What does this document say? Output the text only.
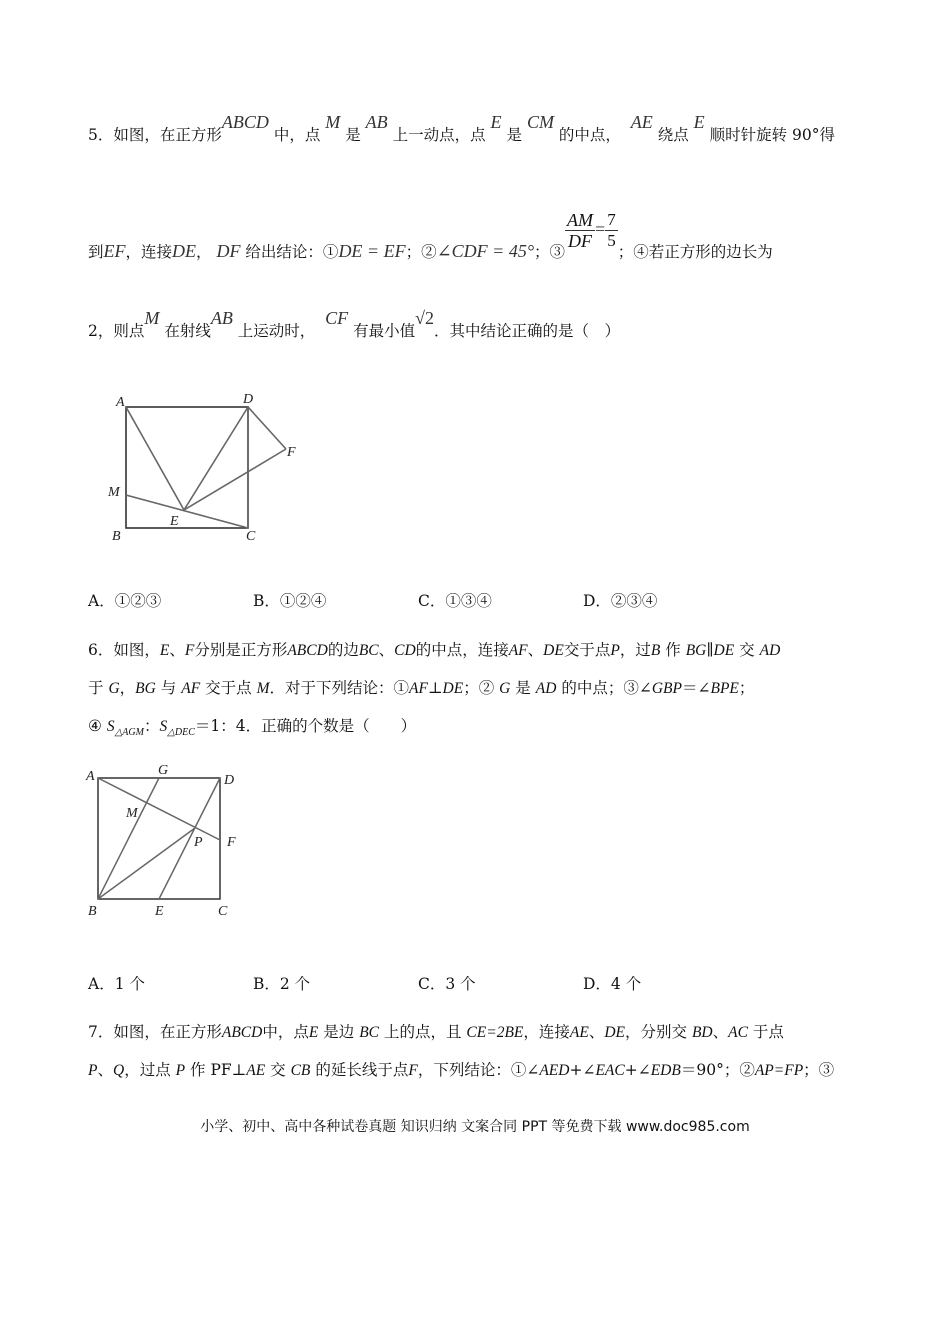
5．如图，在正方形ABCD 中，点 M 是 AB 上一动点，点 E 是 CM 的中点，  AE 绕点 E 顺时针旋转 90°得
到EF，连接DE， DF 给出结论：①DE = EF；②∠CDF = 45°；③
$\frac{AM}{DF} = \frac{7}{5}$
；④若正方形的边长为
2，则点M 在射线AB 上运动时，  CF 有最小值√2．其中结论正确的是（　）
A	D
F
M
E
B	C
A．①②③	B．①②④	C．①③④	D．②③④
6．如图，E、F分别是正方形ABCD的边BC、CD的中点，连接AF、DE交于点P，过B 作 BG∥DE 交 AD
于 G，BG 与 AF 交于点 M．对于下列结论：①AF⊥DE；② G 是 AD 的中点；③∠GBP＝∠BPE；
④ $S_{\triangle AGM}$：$S_{\triangle DEC}=1$：4．正确的个数是（　　）
A	G
D
M
P F
B	E	C
A．1 个	B．2 个	C．3 个	D．4 个
7．如图，在正方形ABCD中，点E 是边 BC 上的点，且 CE=2BE，连接AE、DE，分别交 BD、AC 于点
P、Q，过点 P 作 PF⊥AE 交 CB 的延长线于点F，下列结论：①∠AED+∠EAC+∠EDB＝90°；②AP=FP；③
小学、初中、高中各种试卷真题 知识归纳 文案合同 PPT 等免费下载 www.doc985.com
